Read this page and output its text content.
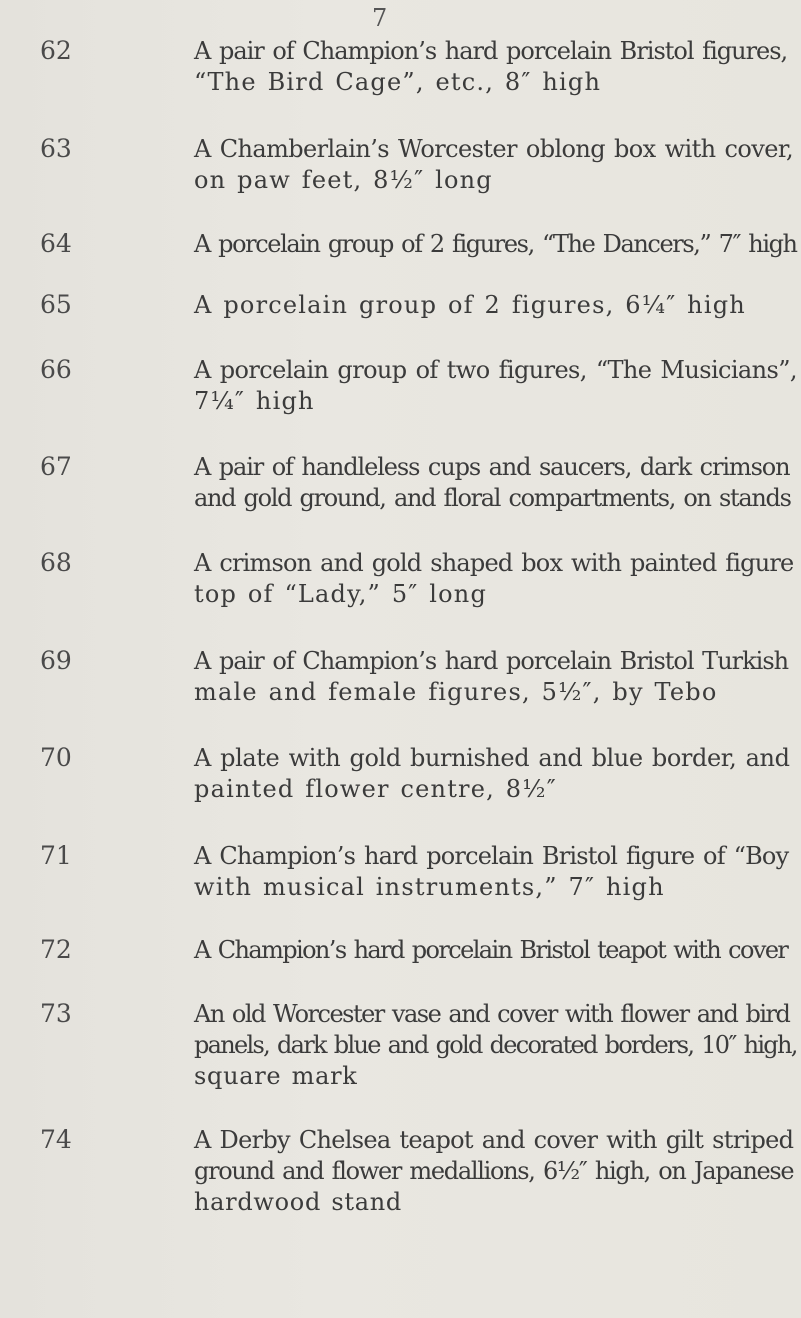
7
62	A pair of Champion’s hard porcelain Bristol figures,
“The Bird Cage”, etc., 8″ high
63	A Chamberlain’s Worcester oblong box with cover,
on paw feet, 8½″ long
64	A porcelain group of 2 figures, “The Dancers,” 7″ high
65	A porcelain group of 2 figures, 6¼″ high
66	A porcelain group of two figures, “The Musicians”,
7¼″ high
67	A pair of handleless cups and saucers, dark crimson
and gold ground, and floral compartments, on stands
68	A crimson and gold shaped box with painted figure
top of “Lady,” 5″ long
69	A pair of Champion’s hard porcelain Bristol Turkish
male and female figures, 5½″, by Tebo
70	A plate with gold burnished and blue border, and
painted flower centre, 8½″
71	A Champion’s hard porcelain Bristol figure of “Boy
with musical instruments,” 7″ high
72	A Champion’s hard porcelain Bristol teapot with cover
73	An old Worcester vase and cover with flower and bird
panels, dark blue and gold decorated borders, 10″ high,
square mark
74	A Derby Chelsea teapot and cover with gilt striped
ground and flower medallions, 6½″ high, on Japanese
hardwood stand
